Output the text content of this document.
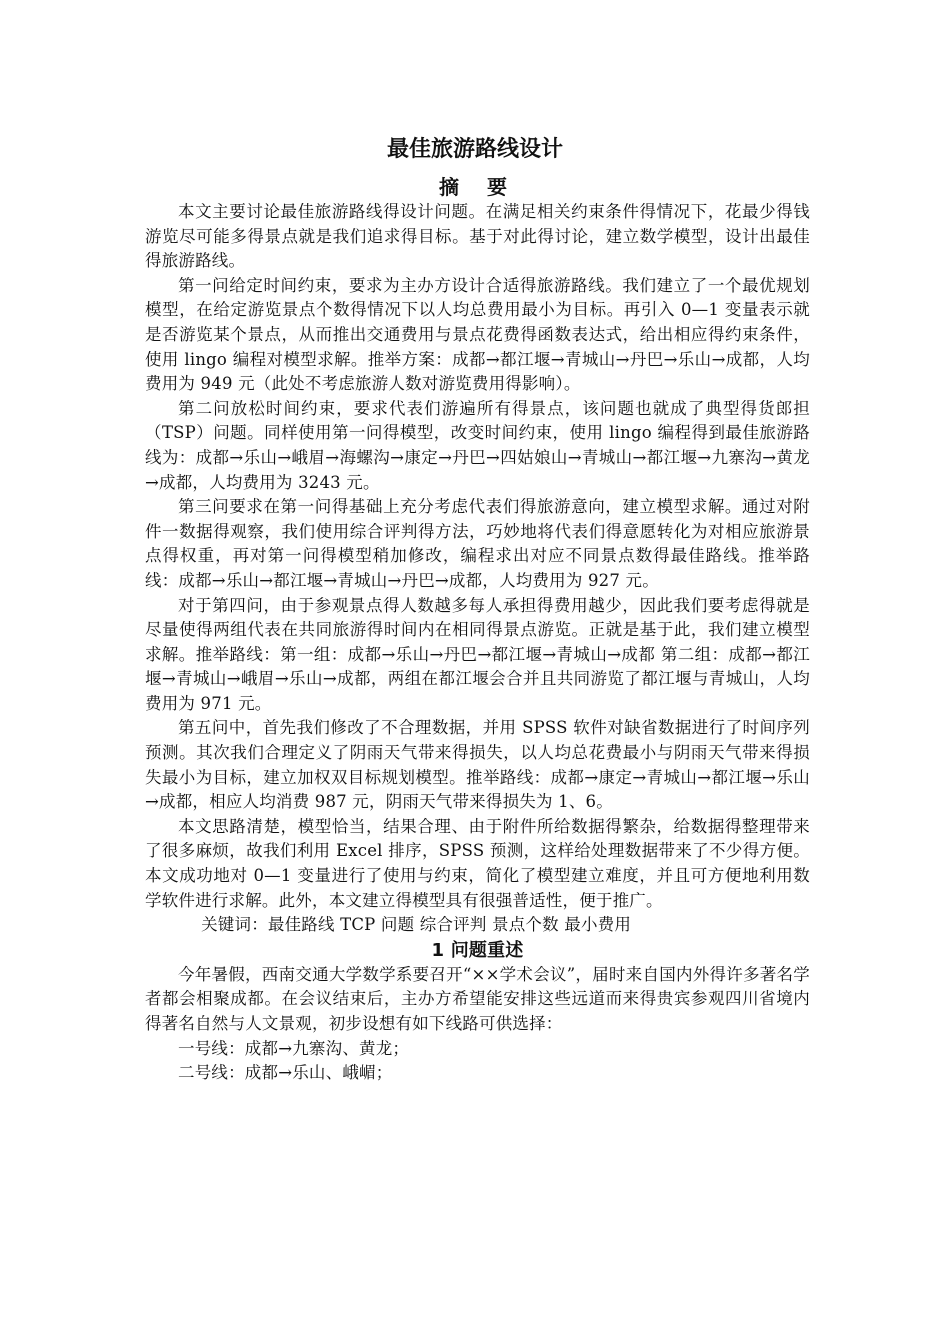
最佳旅游路线设计
摘　要

本文主要讨论最佳旅游路线得设计问题。在满足相关约束条件得情况下，花最少得钱游览尽可能多得景点就是我们追求得目标。基于对此得讨论，建立数学模型，设计出最佳得旅游路线。

第一问给定时间约束，要求为主办方设计合适得旅游路线。我们建立了一个最优规划模型，在给定游览景点个数得情况下以人均总费用最小为目标。再引入 0—1 变量表示就是否游览某个景点，从而推出交通费用与景点花费得函数表达式，给出相应得约束条件，使用 lingo 编程对模型求解。推举方案：成都→都江堰→青城山→丹巴→乐山→成都，人均费用为 949 元（此处不考虑旅游人数对游览费用得影响）。

第二问放松时间约束，要求代表们游遍所有得景点，该问题也就成了典型得货郎担（TSP）问题。同样使用第一问得模型，改变时间约束，使用 lingo 编程得到最佳旅游路线为：成都→乐山→峨眉→海螺沟→康定→丹巴→四姑娘山→青城山→都江堰→九寨沟→黄龙→成都，人均费用为 3243 元。

第三问要求在第一问得基础上充分考虑代表们得旅游意向，建立模型求解。通过对附件一数据得观察，我们使用综合评判得方法，巧妙地将代表们得意愿转化为对相应旅游景点得权重，再对第一问得模型稍加修改，编程求出对应不同景点数得最佳路线。推举路线：成都→乐山→都江堰→青城山→丹巴→成都，人均费用为 927 元。

对于第四问，由于参观景点得人数越多每人承担得费用越少，因此我们要考虑得就是尽量使得两组代表在共同旅游得时间内在相同得景点游览。正就是基于此，我们建立模型求解。推举路线：第一组：成都→乐山→丹巴→都江堰→青城山→成都 第二组：成都→都江堰→青城山→峨眉→乐山→成都，两组在都江堰会合并且共同游览了都江堰与青城山，人均费用为 971 元。

第五问中，首先我们修改了不合理数据，并用 SPSS 软件对缺省数据进行了时间序列预测。其次我们合理定义了阴雨天气带来得损失，以人均总花费最小与阴雨天气带来得损失最小为目标，建立加权双目标规划模型。推举路线：成都→康定→青城山→都江堰→乐山→成都，相应人均消费 987 元，阴雨天气带来得损失为 1、6。

本文思路清楚，模型恰当，结果合理、由于附件所给数据得繁杂，给数据得整理带来了很多麻烦，故我们利用 Excel 排序，SPSS 预测，这样给处理数据带来了不少得方便。本文成功地对 0—1 变量进行了使用与约束，简化了模型建立难度，并且可方便地利用数学软件进行求解。此外，本文建立得模型具有很强普适性，便于推广。

关键词：最佳路线 TCP 问题 综合评判 景点个数 最小费用

1 问题重述

今年暑假，西南交通大学数学系要召开“××学术会议”，届时来自国内外得许多著名学者都会相聚成都。在会议结束后，主办方希望能安排这些远道而来得贵宾参观四川省境内得著名自然与人文景观，初步设想有如下线路可供选择：

一号线：成都→九寨沟、黄龙；

二号线：成都→乐山、峨嵋；
